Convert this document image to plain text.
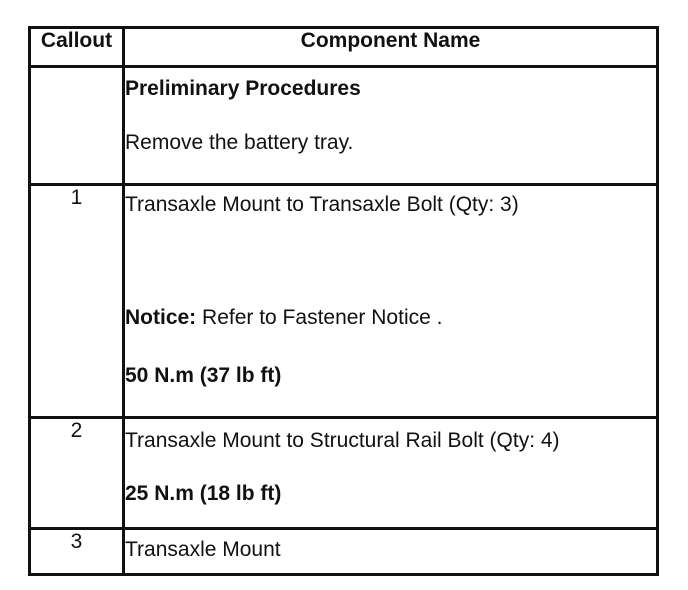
Callout	Component Name

	Preliminary Procedures
Remove the battery tray.

1	Transaxle Mount to Transaxle Bolt (Qty: 3)
Notice: Refer to Fastener Notice .
50 N.m (37 lb ft)

2	Transaxle Mount to Structural Rail Bolt (Qty: 4)
25 N.m (18 lb ft)

3	Transaxle Mount
